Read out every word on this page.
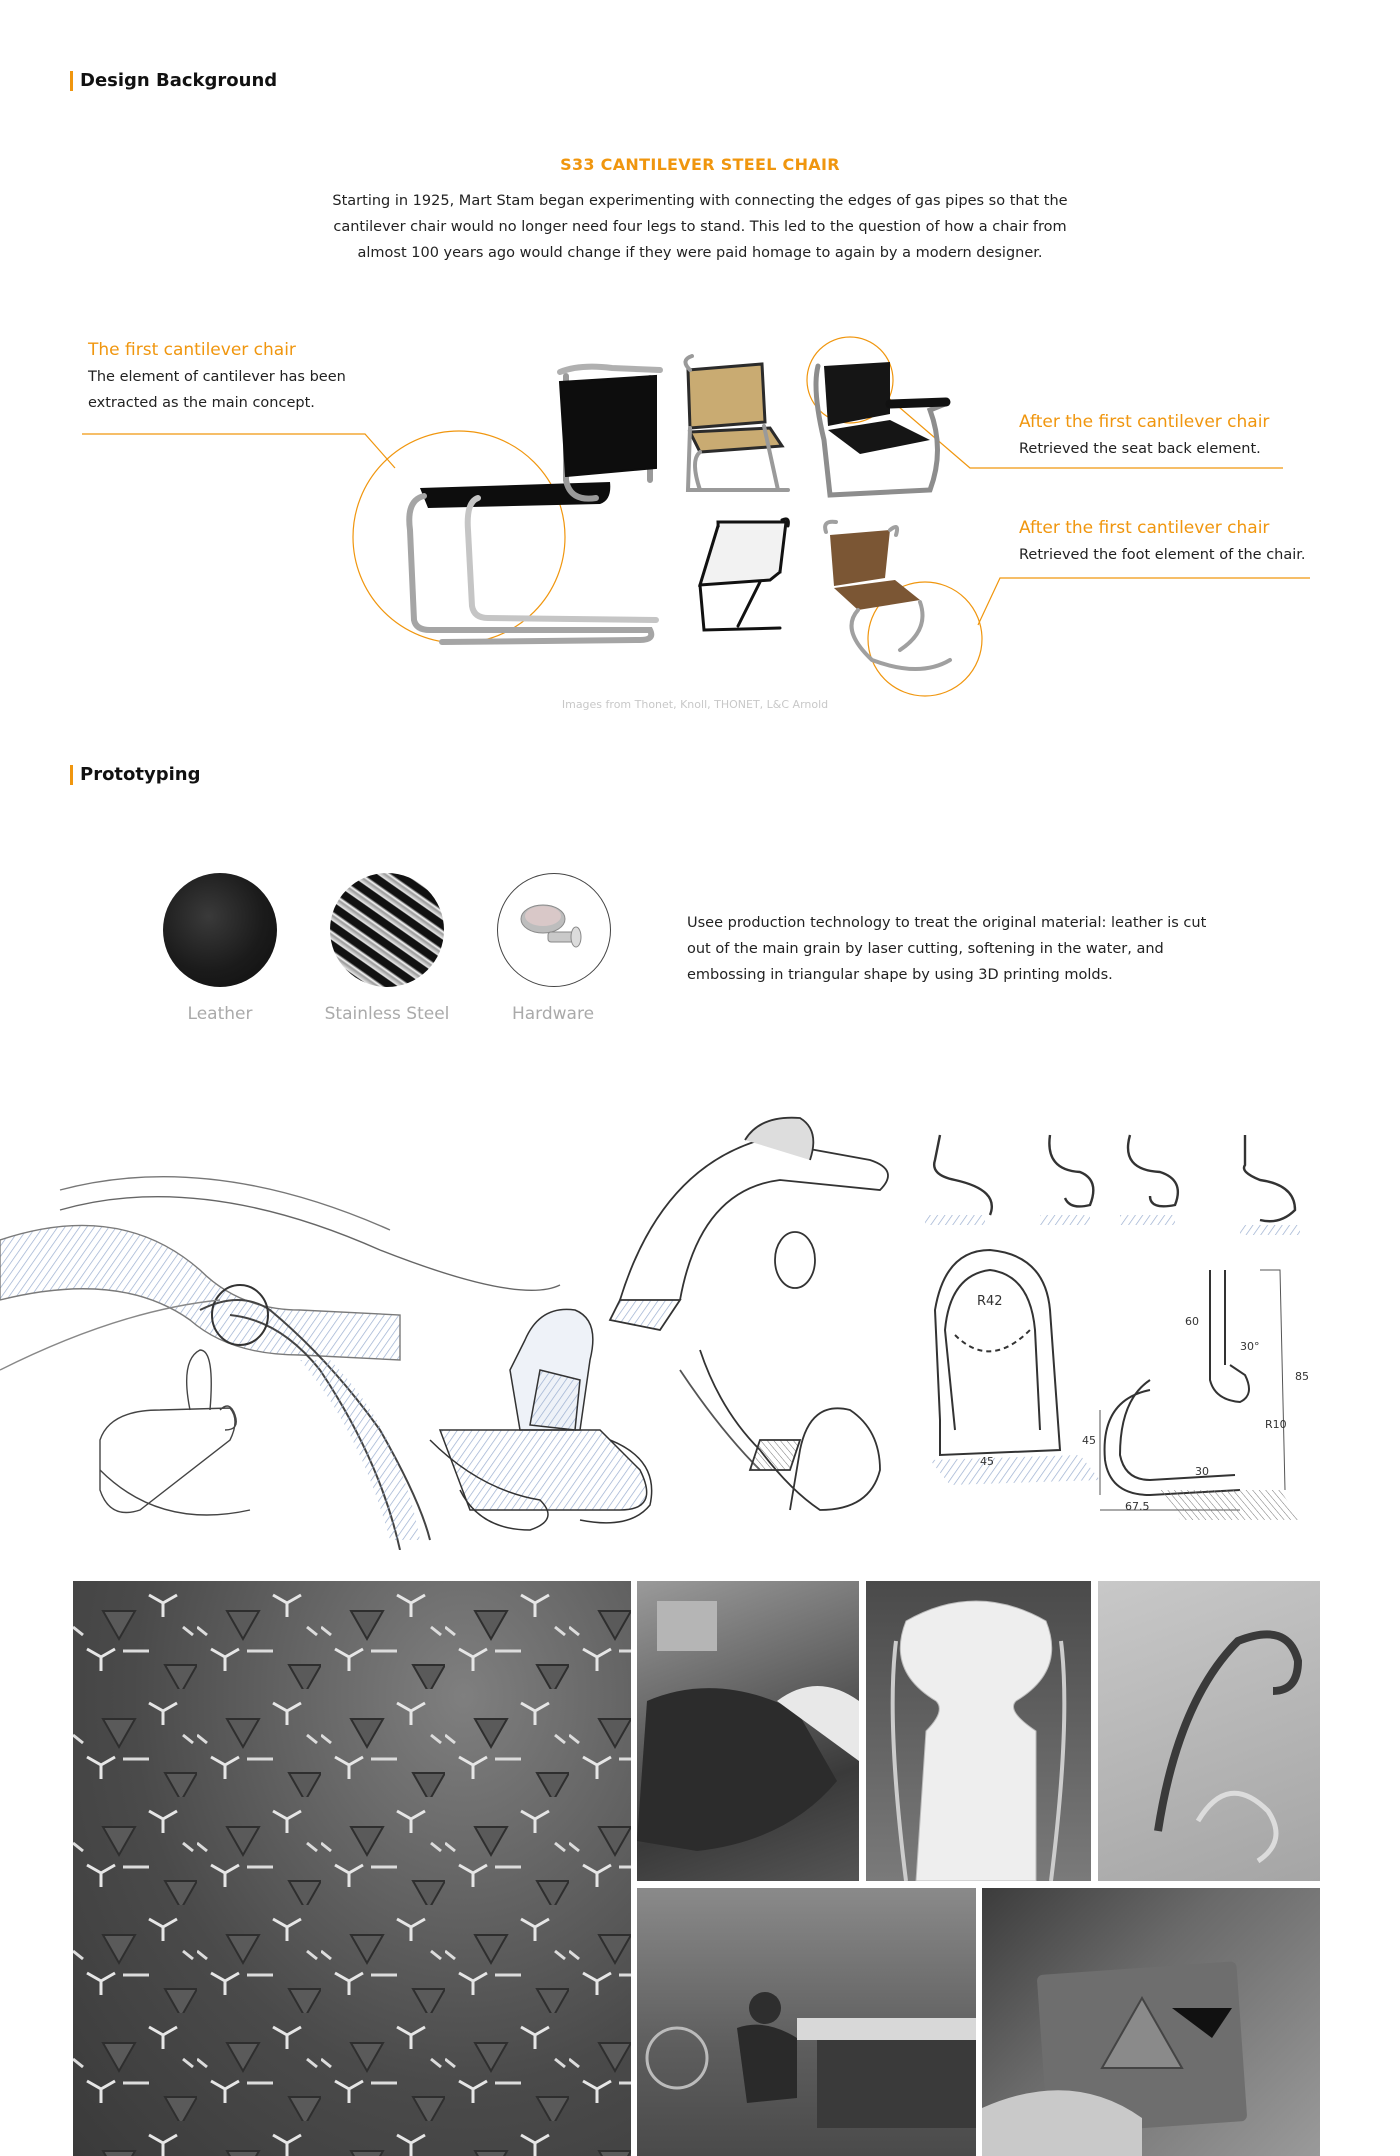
Design Background
S33 CANTILEVER STEEL CHAIR
Starting in 1925, Mart Stam began experimenting with connecting the edges of gas pipes so that the
cantilever chair would no longer need four legs to stand. This led to the question of how a chair from
almost 100 years ago would change if they were paid homage to again by a modern designer.
The first cantilever chair
The element of cantilever has been
extracted as the main concept.
After the first cantilever chair
Retrieved the seat back element.
After the first cantilever chair
Retrieved the foot element of the chair.
Images from Thonet, Knoll, THONET, L&C Arnold
Prototyping
Leather	Stainless Steel	Hardware
Usee production technology to treat the original material: leather is cut
out of the main grain by laser cutting, softening in the water, and
embossing in triangular shape by using 3D printing molds.
R42
45
60
30°
R10
45
30
67.5
85
